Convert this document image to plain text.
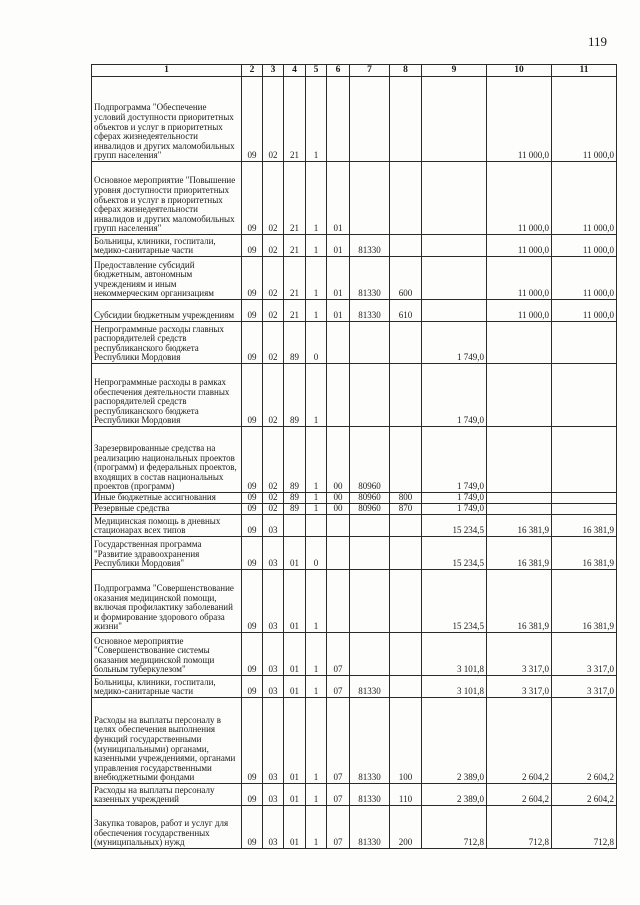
119
1	2	3	4	5	6	7	8	9	10	11
Подпрограмма "Обеспечение условий доступности приоритетных объектов и услуг в приоритетных сферах жизнедеятельности инвалидов и других маломобильных групп населения"	09	02	21	1					11 000,0	11 000,0
Основное мероприятие "Повышение уровня доступности приоритетных объектов и услуг в приоритетных сферах жизнедеятельности инвалидов и других маломобильных групп населения"	09	02	21	1	01				11 000,0	11 000,0
Больницы, клиники, госпитали, медико-санитарные части	09	02	21	1	01	81330			11 000,0	11 000,0
Предоставление субсидий бюджетным, автономным учреждениям и иным некоммерческим организациям	09	02	21	1	01	81330	600		11 000,0	11 000,0
Субсидии бюджетным учреждениям	09	02	21	1	01	81330	610		11 000,0	11 000,0
Непрограммные расходы главных распорядителей средств республиканского бюджета Республики Мордовия	09	02	89	0				1 749,0		
Непрограммные расходы в рамках обеспечения деятельности главных распорядителей средств республиканского бюджета Республики Мордовия	09	02	89	1				1 749,0		
Зарезервированные средства на реализацию национальных проектов (программ) и федеральных проектов, входящих в состав национальных проектов (программ)	09	02	89	1	00	80960		1 749,0		
Иные бюджетные ассигнования	09	02	89	1	00	80960	800	1 749,0		
Резервные средства	09	02	89	1	00	80960	870	1 749,0		
Медицинская помощь в дневных стационарах всех типов	09	03						15 234,5	16 381,9	16 381,9
Государственная программа "Развитие здравоохранения Республики Мордовия"	09	03	01	0				15 234,5	16 381,9	16 381,9
Подпрограмма "Совершенствование оказания медицинской помощи, включая профилактику заболеваний и формирование здорового образа жизни"	09	03	01	1				15 234,5	16 381,9	16 381,9
Основное мероприятие "Совершенствование системы оказания медицинской помощи больным туберкулезом"	09	03	01	1	07			3 101,8	3 317,0	3 317,0
Больницы, клиники, госпитали, медико-санитарные части	09	03	01	1	07	81330		3 101,8	3 317,0	3 317,0
Расходы на выплаты персоналу в целях обеспечения выполнения функций государственными (муниципальными) органами, казенными учреждениями, органами управления государственными внебюджетными фондами	09	03	01	1	07	81330	100	2 389,0	2 604,2	2 604,2
Расходы на выплаты персоналу казенных учреждений	09	03	01	1	07	81330	110	2 389,0	2 604,2	2 604,2
Закупка товаров, работ и услуг для обеспечения государственных (муниципальных) нужд	09	03	01	1	07	81330	200	712,8	712,8	712,8
